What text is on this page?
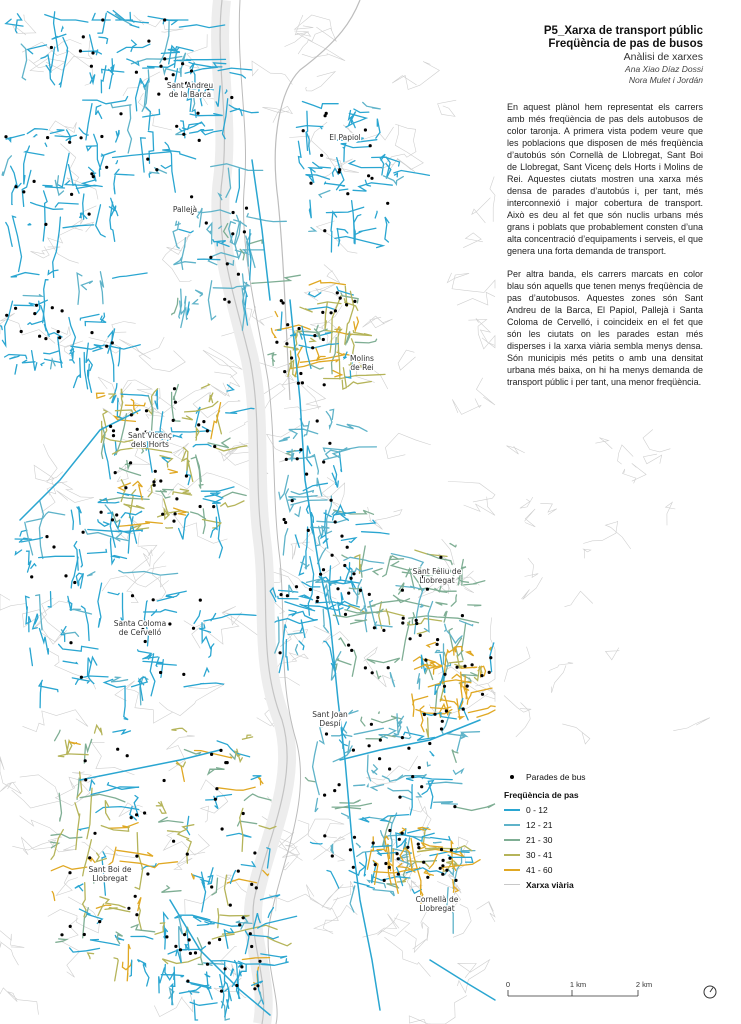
Sant Andreu de la Barca
El Papiol
Pallejà
Molins de Rei
Sant Vicenç dels Horts
Sant Feliu de Llobregat
Santa Coloma de Cervelló
Sant Joan Despí
Sant Boi de Llobregat
Cornellà de Llobregat
P5_Xarxa de transport públic
Freqüència de pas de busos
Anàlisi de xarxes
Ana Xiao Díaz Dossi
Nora Mulet i Jordán

En aquest plànol hem representat els carrers amb més freqüència de pas dels autobusos de color taronja. A primera vista podem veure que les poblacions que disposen de més freqüència d’autobús són Cornellà de Llobregat, Sant Boi de Llobregat, Sant Vicenç dels Horts i Molins de Rei. Aquestes ciutats mostren una xarxa més densa de parades d’autobús i, per tant, més interconnexió i major cobertura de transport. Això es deu al fet que són nuclis urbans més grans i poblats que probablement consten d’una alta concentració d’equipaments i serveis, el que genera una forta demanda de transport.

Per altra banda, els carrers marcats en color blau són aquells que tenen menys freqüència de pas d’autobusos. Aquestes zones són Sant Andreu de la Barca, El Papiol, Pallejà i Santa Coloma de Cervelló, i coincideix en el fet que són les ciutats on les parades estan més disperses i la xarxa viària sembla menys densa. Són municipis més petits o amb una densitat urbana més baixa, on hi ha menys demanda de transport públic i per tant, una menor freqüència.

Parades de bus
Freqüència de pas
0 - 12
12 - 21
21 - 30
30 - 41
41 - 60
Xarxa viària
0	1 km	2 km
